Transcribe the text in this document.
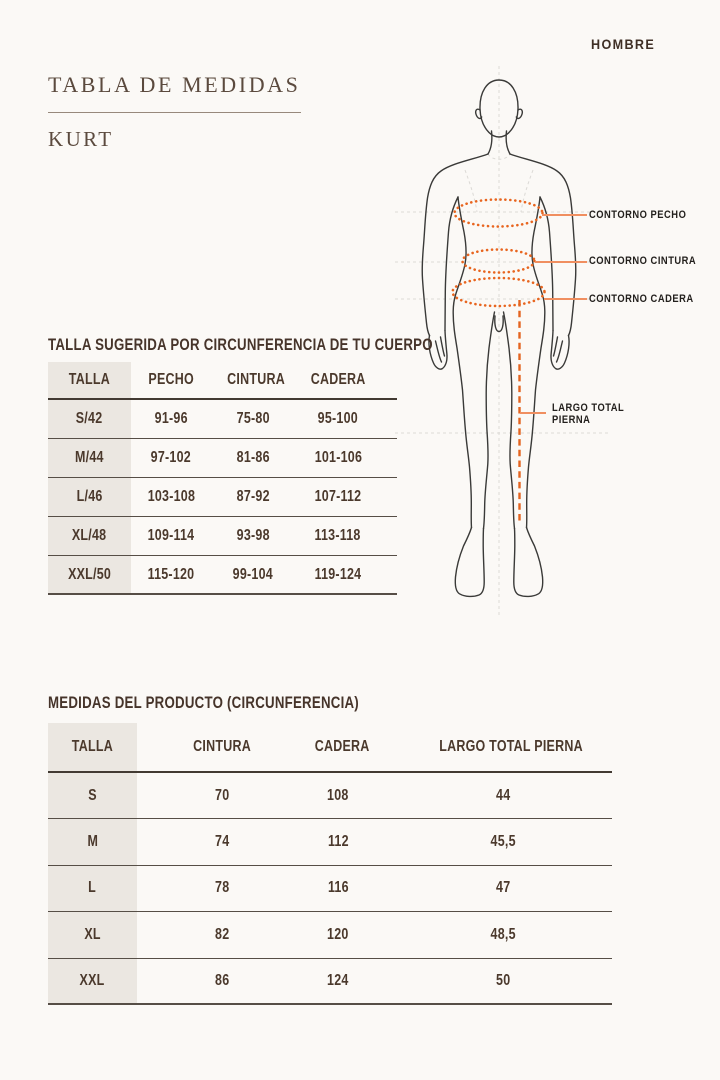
TABLA DE MEDIDAS
KURT
HOMBRE
CONTORNO PECHO
CONTORNO CINTURA
CONTORNO CADERA
LARGO TOTAL
PIERNA
TALLA SUGERIDA POR CIRCUNFERENCIA DE TU CUERPO
TALLA	PECHO	CINTURA	CADERA
S/42	91-96	75-80	95-100
M/44	97-102	81-86	101-106
L/46	103-108	87-92	107-112
XL/48	109-114	93-98	113-118
XXL/50	115-120	99-104	119-124
MEDIDAS DEL PRODUCTO (CIRCUNFERENCIA)
TALLA	CINTURA	CADERA	LARGO TOTAL PIERNA
S	70	108	44
M	74	112	45,5
L	78	116	47
XL	82	120	48,5
XXL	86	124	50
